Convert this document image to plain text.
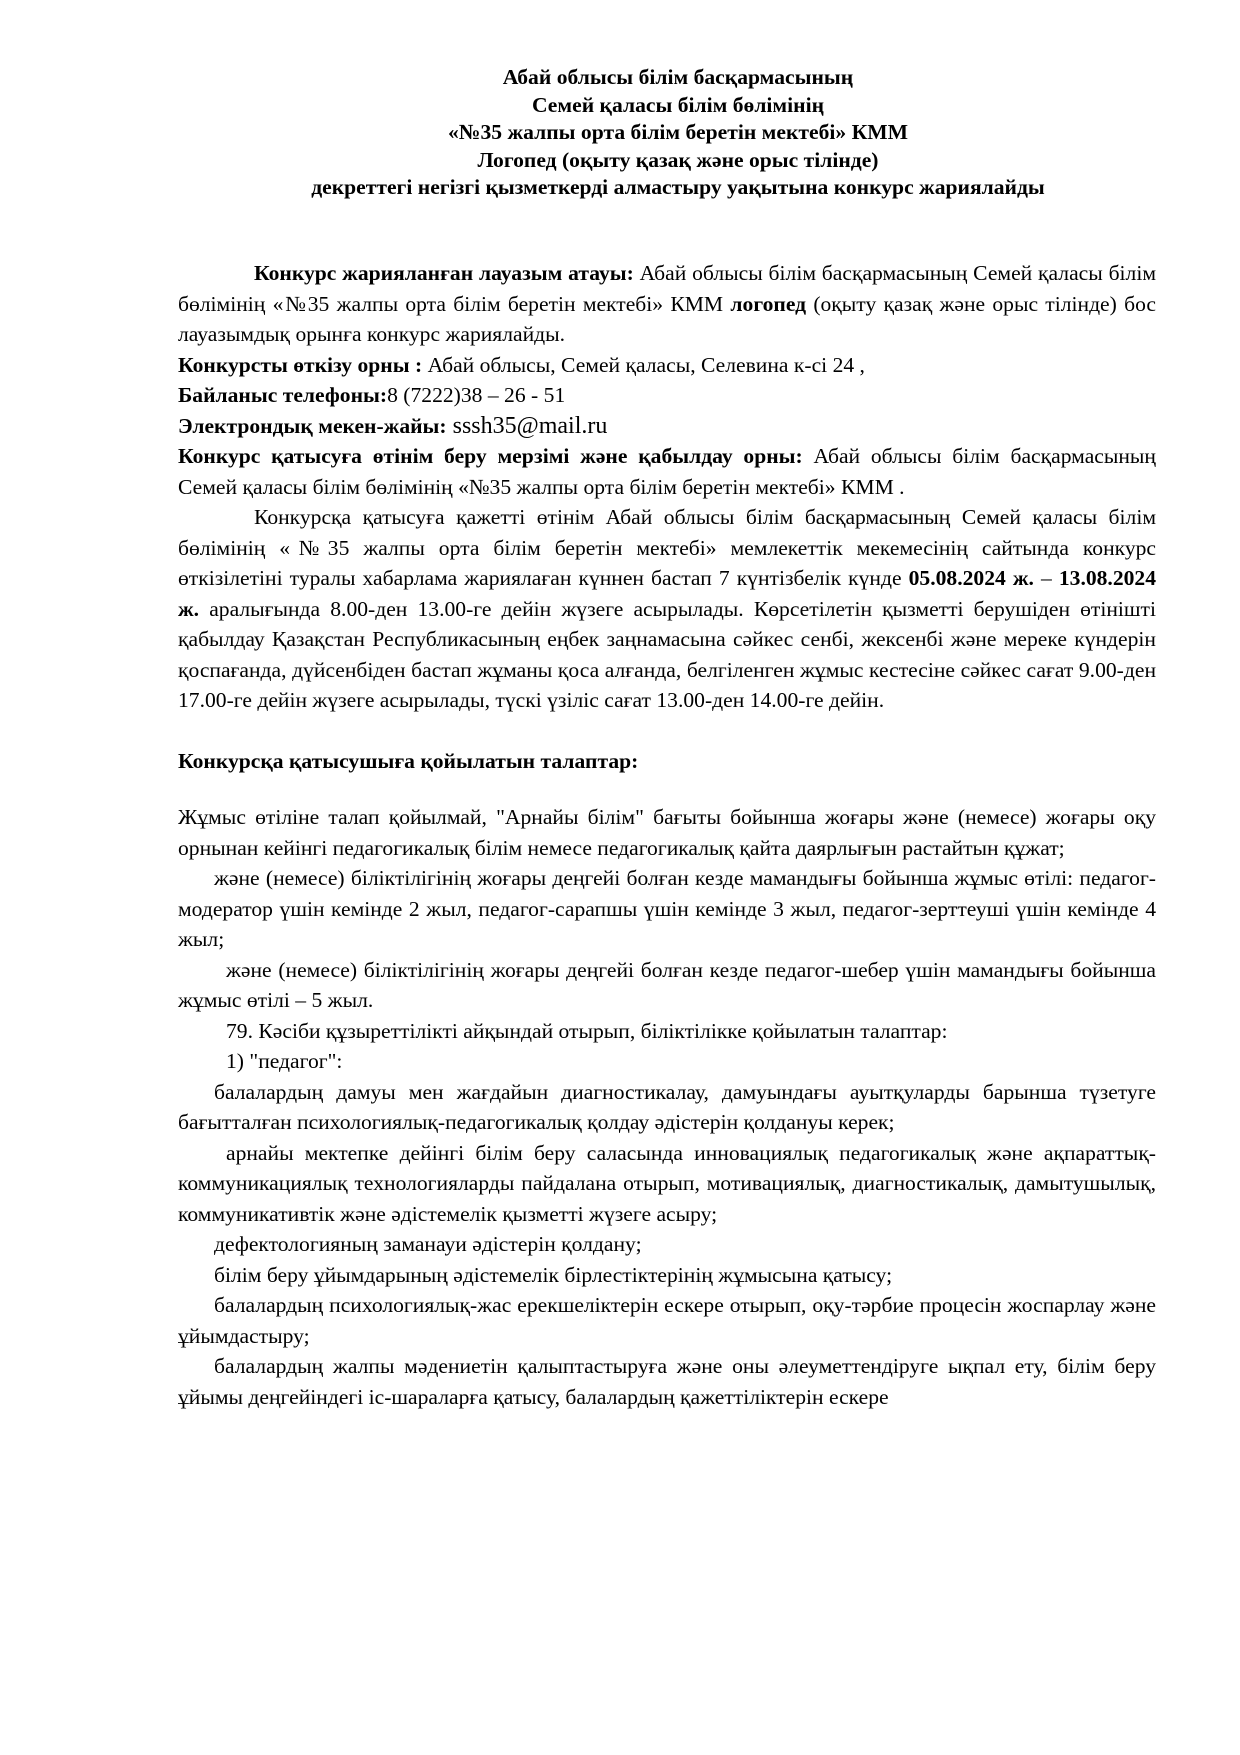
Абай облысы білім басқармасының
Семей қаласы білім бөлімінің
«№35 жалпы орта білім беретін мектебі» КММ
Логопед (оқыту қазақ және орыс тілінде)
декреттегі негізгі қызметкерді алмастыру уақытына конкурс жариялайды

Конкурс жарияланған лауазым атауы: Абай облысы білім басқармасының Семей қаласы білім бөлімінің «№35 жалпы орта білім беретін мектебі» КММ логопед (оқыту қазақ және орыс тілінде) бос лауазымдық орынға конкурс жариялайды.

Конкурсты өткізу орны : Абай облысы, Семей қаласы, Селевина к-сі 24 ,

Байланыс телефоны:8 (7222)38 – 26 - 51

Электрондық мекен-жайы: sssh35@mail.ru

Конкурс қатысуға өтінім беру мерзімі және қабылдау орны: Абай облысы білім басқармасының Семей қаласы білім бөлімінің «№35 жалпы орта білім беретін мектебі» КММ .

Конкурсқа қатысуға қажетті өтінім Абай облысы білім басқармасының Семей қаласы білім бөлімінің «№35 жалпы орта білім беретін мектебі» мемлекеттік мекемесінің сайтында конкурс өткізілетіні туралы хабарлама жариялаған күннен бастап 7 күнтізбелік күнде 05.08.2024 ж. – 13.08.2024 ж. аралығында 8.00-ден 13.00-ге дейін жүзеге асырылады. Көрсетілетін қызметті берушіден өтінішті қабылдау Қазақстан Республикасының еңбек заңнамасына сәйкес сенбі, жексенбі және мереке күндерін қоспағанда, дүйсенбіден бастап жұманы қоса алғанда, белгіленген жұмыс кестесіне сәйкес сағат 9.00-ден 17.00-ге дейін жүзеге асырылады, түскі үзіліс сағат 13.00-ден 14.00-ге дейін.

Конкурсқа қатысушыға қойылатын талаптар:

Жұмыс өтіліне талап қойылмай, "Арнайы білім" бағыты бойынша жоғары және (немесе) жоғары оқу орнынан кейінгі педагогикалық білім немесе педагогикалық қайта даярлығын растайтын құжат;

және (немесе) біліктілігінің жоғары деңгейі болған кезде мамандығы бойынша жұмыс өтілі: педагог-модератор үшін кемінде 2 жыл, педагог-сарапшы үшін кемінде 3 жыл, педагог-зерттеуші үшін кемінде 4 жыл;

және (немесе) біліктілігінің жоғары деңгейі болған кезде педагог-шебер үшін мамандығы бойынша жұмыс өтілі – 5 жыл.

79. Кәсіби құзыреттілікті айқындай отырып, біліктілікке қойылатын талаптар:

1) "педагог":

балалардың дамуы мен жағдайын диагностикалау, дамуындағы ауытқуларды барынша түзетуге бағытталған психологиялық-педагогикалық қолдау әдістерін қолдануы керек;

арнайы мектепке дейінгі білім беру саласында инновациялық педагогикалық және ақпараттық-коммуникациялық технологияларды пайдалана отырып, мотивациялық, диагностикалық, дамытушылық, коммуникативтік және әдістемелік қызметті жүзеге асыру;

дефектологияның заманауи әдістерін қолдану;

білім беру ұйымдарының әдістемелік бірлестіктерінің жұмысына қатысу;

балалардың психологиялық-жас ерекшеліктерін ескере отырып, оқу-тәрбие процесін жоспарлау және ұйымдастыру;

балалардың жалпы мәдениетін қалыптастыруға және оны әлеуметтендіруге ықпал ету, білім беру ұйымы деңгейіндегі іс-шараларға қатысу, балалардың қажеттіліктерін ескере
